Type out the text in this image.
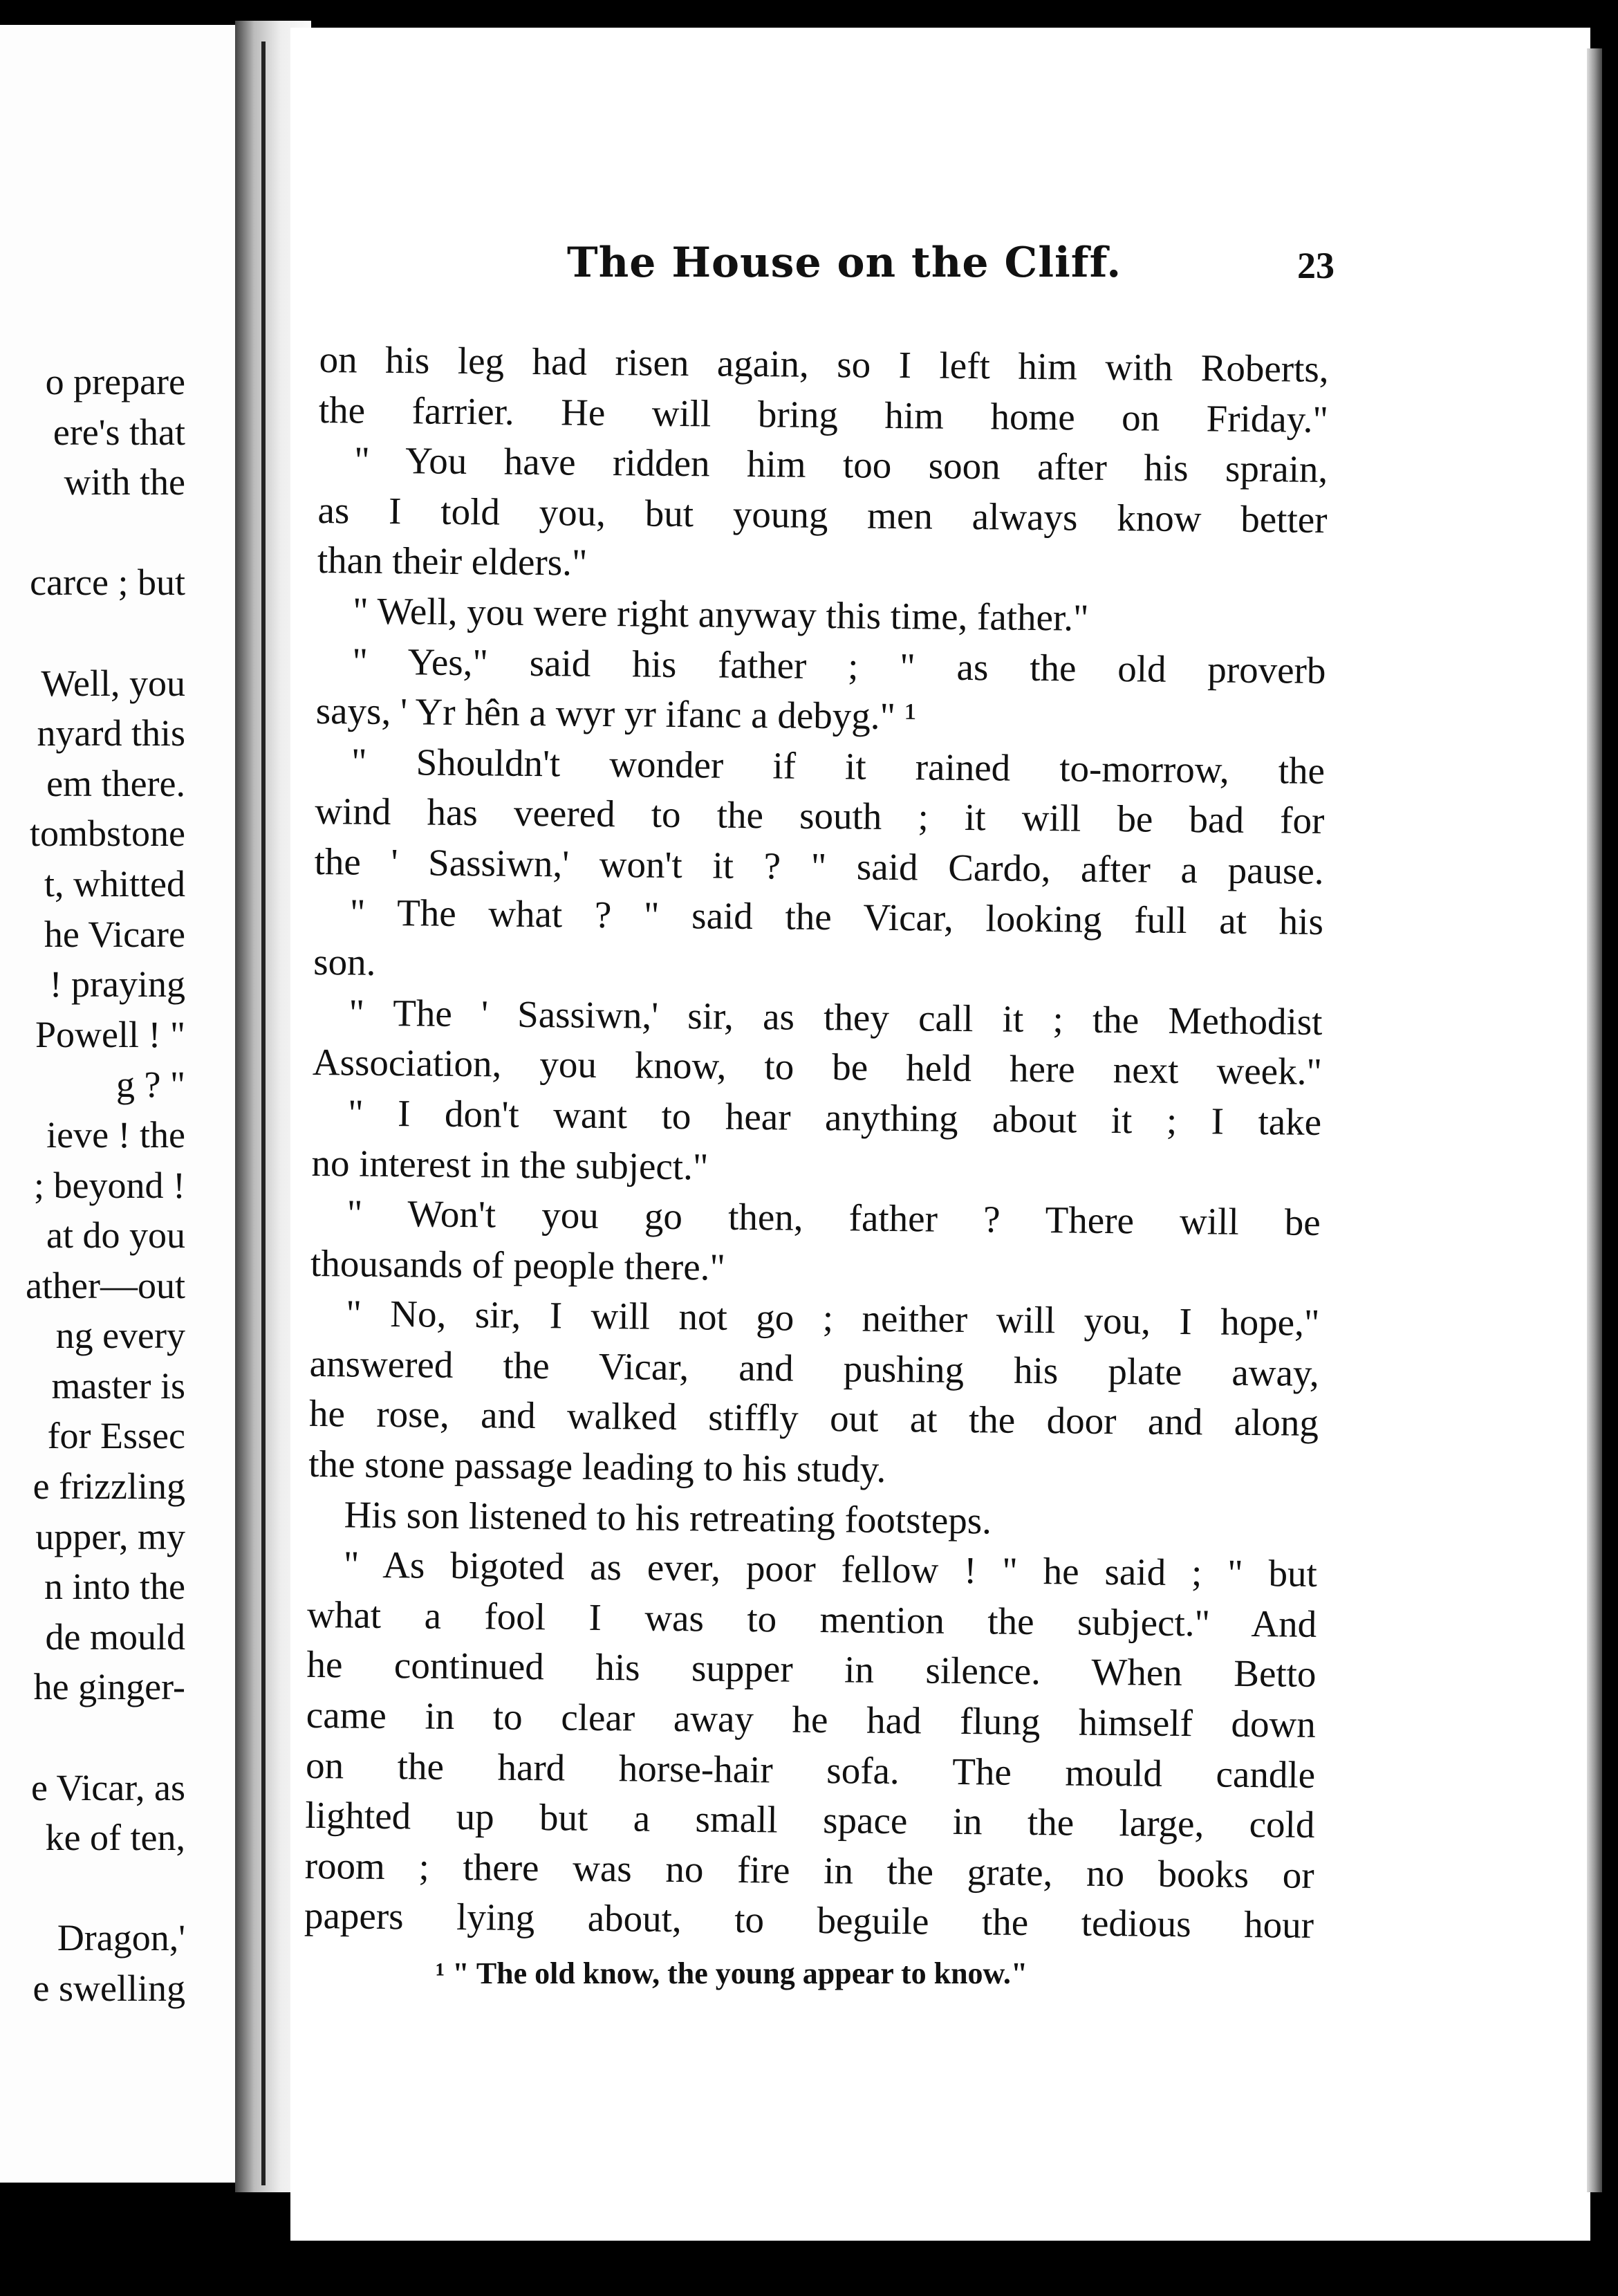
o prepare
ere's that
with the
carce ; but
Well, you
nyard this
em there.
tombstone
t, whitted
he Vicare
! praying
Powell ! "
g ? "
ieve ! the
; beyond !
at do you
ather—out
ng every
master is
for Essec
e frizzling
upper, my
n into the
de mould
he ginger-
e Vicar, as
ke of ten,
Dragon,'
e swelling
The House on the Cliff.	23
on his leg had risen again, so I left him with Roberts,
the farrier. He will bring him home on Friday."
" You have ridden him too soon after his sprain,
as I told you, but young men always know better
than their elders."
" Well, you were right anyway this time, father."
" Yes," said his father ; " as the old proverb
says, ' Yr hên a wyr yr ifanc a debyg." ¹
" Shouldn't wonder if it rained to-morrow, the
wind has veered to the south ; it will be bad for
the ' Sassiwn,' won't it ? " said Cardo, after a pause.
" The what ? " said the Vicar, looking full at his
son.
" The ' Sassiwn,' sir, as they call it ; the Methodist
Association, you know, to be held here next week."
" I don't want to hear anything about it ; I take
no interest in the subject."
" Won't you go then, father ? There will be
thousands of people there."
" No, sir, I will not go ; neither will you, I hope,"
answered the Vicar, and pushing his plate away,
he rose, and walked stiffly out at the door and along
the stone passage leading to his study.
His son listened to his retreating footsteps.
" As bigoted as ever, poor fellow ! " he said ; " but
what a fool I was to mention the subject." And
he continued his supper in silence. When Betto
came in to clear away he had flung himself down
on the hard horse-hair sofa. The mould candle
lighted up but a small space in the large, cold
room ; there was no fire in the grate, no books or
papers lying about, to beguile the tedious hour
¹ " The old know, the young appear to know."
